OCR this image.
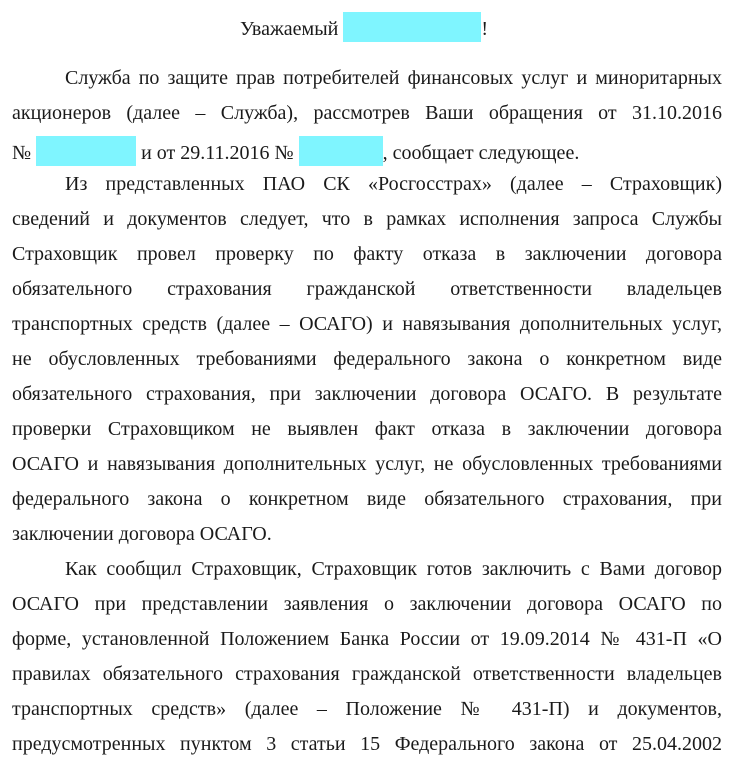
Уважаемый	!
Служба по защите прав потребителей финансовых услуг и миноритарных
акционеров (далее – Служба), рассмотрев Ваши обращения от 31.10.2016
№	и от 29.11.2016 №	, сообщает следующее.
Из представленных ПАО СК «Росгосстрах» (далее – Страховщик)
сведений и документов следует, что в рамках исполнения запроса Службы
Страховщик провел проверку по факту отказа в заключении договора
обязательного страхования гражданской ответственности владельцев
транспортных средств (далее – ОСАГО) и навязывания дополнительных услуг,
не обусловленных требованиями федерального закона о конкретном виде
обязательного страхования, при заключении договора ОСАГО. В результате
проверки Страховщиком не выявлен факт отказа в заключении договора
ОСАГО и навязывания дополнительных услуг, не обусловленных требованиями
федерального закона о конкретном виде обязательного страхования, при
заключении договора ОСАГО.
Как сообщил Страховщик, Страховщик готов заключить с Вами договор
ОСАГО при представлении заявления о заключении договора ОСАГО по
форме, установленной Положением Банка России от 19.09.2014 № 431-П «О
правилах обязательного страхования гражданской ответственности владельцев
транспортных средств» (далее – Положение № 431-П) и документов,
предусмотренных пунктом 3 статьи 15 Федерального закона от 25.04.2002
